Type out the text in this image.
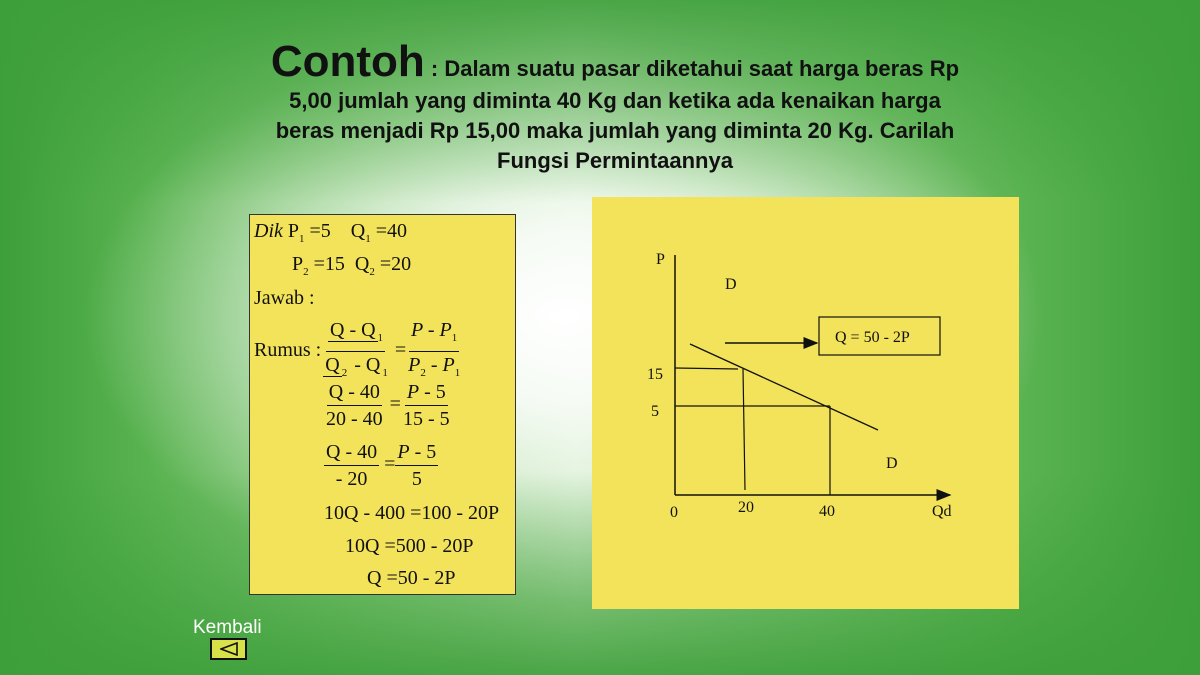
Contoh : Dalam suatu pasar diketahui saat harga beras Rp
5,00 jumlah yang diminta 40 Kg dan ketika ada kenaikan harga
beras menjadi Rp 15,00 maka jumlah yang diminta 20 Kg. Carilah
Fungsi Permintaannya
Dik $P_1 =5$ $Q_1 =40$
$P_2 =15$ $Q_2 =20$
Jawab :
Rumus : $\frac{Q - Q _1}{Q _2 - Q _1} = \frac{P - P_1}{P_2 - P_1}$
$\frac{Q - 40}{20 - 40} = \frac{P - 5}{15 - 5}$
$\frac{Q - 40}{- 20} = \frac{P - 5}{5}$
10Q - 400 =100 - 20P
10Q =500 - 20P
Q =50 - 2P
Q = 50 - 2P
P
Qd
0
15
5
20	40
D
D
Kembali
